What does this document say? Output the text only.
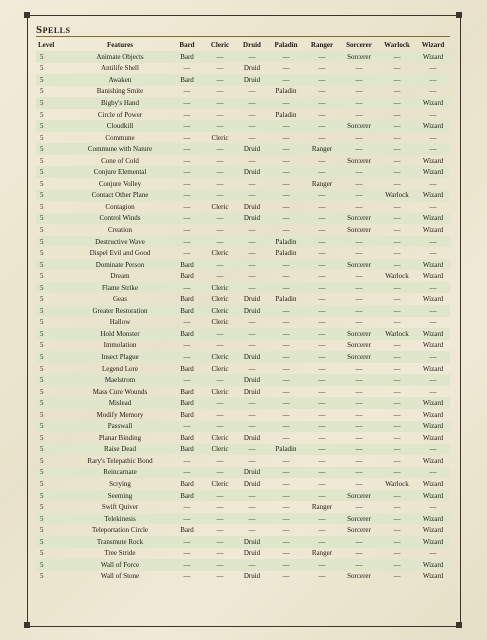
Spells
Level	Features	Bard	Cleric	Druid	Paladin	Ranger	Sorcerer	Warlock	Wizard
5	Animate Objects	Bard	—	—	—	—	Sorcerer	—	Wizard
5	Antilife Shell	—	—	Druid	—	—	—	—	—
5	Awaken	Bard	—	Druid	—	—	—	—	—
5	Banishing Smite	—	—	—	Paladin	—	—	—	—
5	Bigby's Hand	—	—	—	—	—	—	—	Wizard
5	Circle of Power	—	—	—	Paladin	—	—	—	—
5	Cloudkill	—	—	—	—	—	Sorcerer	—	Wizard
5	Commune	—	Cleric	—	—	—	—	—	—
5	Commune with Nature	—	—	Druid	—	Ranger	—	—	—
5	Cone of Cold	—	—	—	—	—	Sorcerer	—	Wizard
5	Conjure Elemental	—	—	Druid	—	—	—	—	Wizard
5	Conjure Volley	—	—	—	—	Ranger	—	—	—
5	Contact Other Plane	—	—	—	—	—	—	Warlock	Wizard
5	Contagion	—	Cleric	Druid	—	—	—	—	—
5	Control Winds	—	—	Druid	—	—	Sorcerer	—	Wizard
5	Creation	—	—	—	—	—	Sorcerer	—	Wizard
5	Destructive Wave	—	—	—	Paladin	—	—	—	—
5	Dispel Evil and Good	—	Cleric	—	Paladin	—	—	—	—
5	Dominate Person	Bard	—	—	—	—	Sorcerer	—	Wizard
5	Dream	Bard	—	—	—	—	—	Warlock	Wizard
5	Flame Strike	—	Cleric	—	—	—	—	—	—
5	Geas	Bard	Cleric	Druid	Paladin	—	—	—	Wizard
5	Greater Restoration	Bard	Cleric	Druid	—	—	—	—	—
5	Hallow	—	Cleric	—	—	—	—	—	—
5	Hold Monster	Bard	—	—	—	—	Sorcerer	Warlock	Wizard
5	Immolation	—	—	—	—	—	Sorcerer	—	Wizard
5	Insect Plague	—	Cleric	Druid	—	—	Sorcerer	—	—
5	Legend Lore	Bard	Cleric	—	—	—	—	—	Wizard
5	Maelstrom	—	—	Druid	—	—	—	—	—
5	Mass Cure Wounds	Bard	Cleric	Druid	—	—	—	—	—
5	Mislead	Bard	—	—	—	—	—	—	Wizard
5	Modify Memory	Bard	—	—	—	—	—	—	Wizard
5	Passwall	—	—	—	—	—	—	—	Wizard
5	Planar Binding	Bard	Cleric	Druid	—	—	—	—	Wizard
5	Raise Dead	Bard	Cleric	—	Paladin	—	—	—	—
5	Rary's Telepathic Bond	—	—	—	—	—	—	—	Wizard
5	Reincarnate	—	—	Druid	—	—	—	—	—
5	Scrying	Bard	Cleric	Druid	—	—	—	Warlock	Wizard
5	Seeming	Bard	—	—	—	—	Sorcerer	—	Wizard
5	Swift Quiver	—	—	—	—	Ranger	—	—	—
5	Telekinesis	—	—	—	—	—	Sorcerer	—	Wizard
5	Teleportation Circle	Bard	—	—	—	—	Sorcerer	—	Wizard
5	Transmute Rock	—	—	Druid	—	—	—	—	Wizard
5	Tree Stride	—	—	Druid	—	Ranger	—	—	—
5	Wall of Force	—	—	—	—	—	—	—	Wizard
5	Wall of Stone	—	—	Druid	—	—	Sorcerer	—	Wizard
